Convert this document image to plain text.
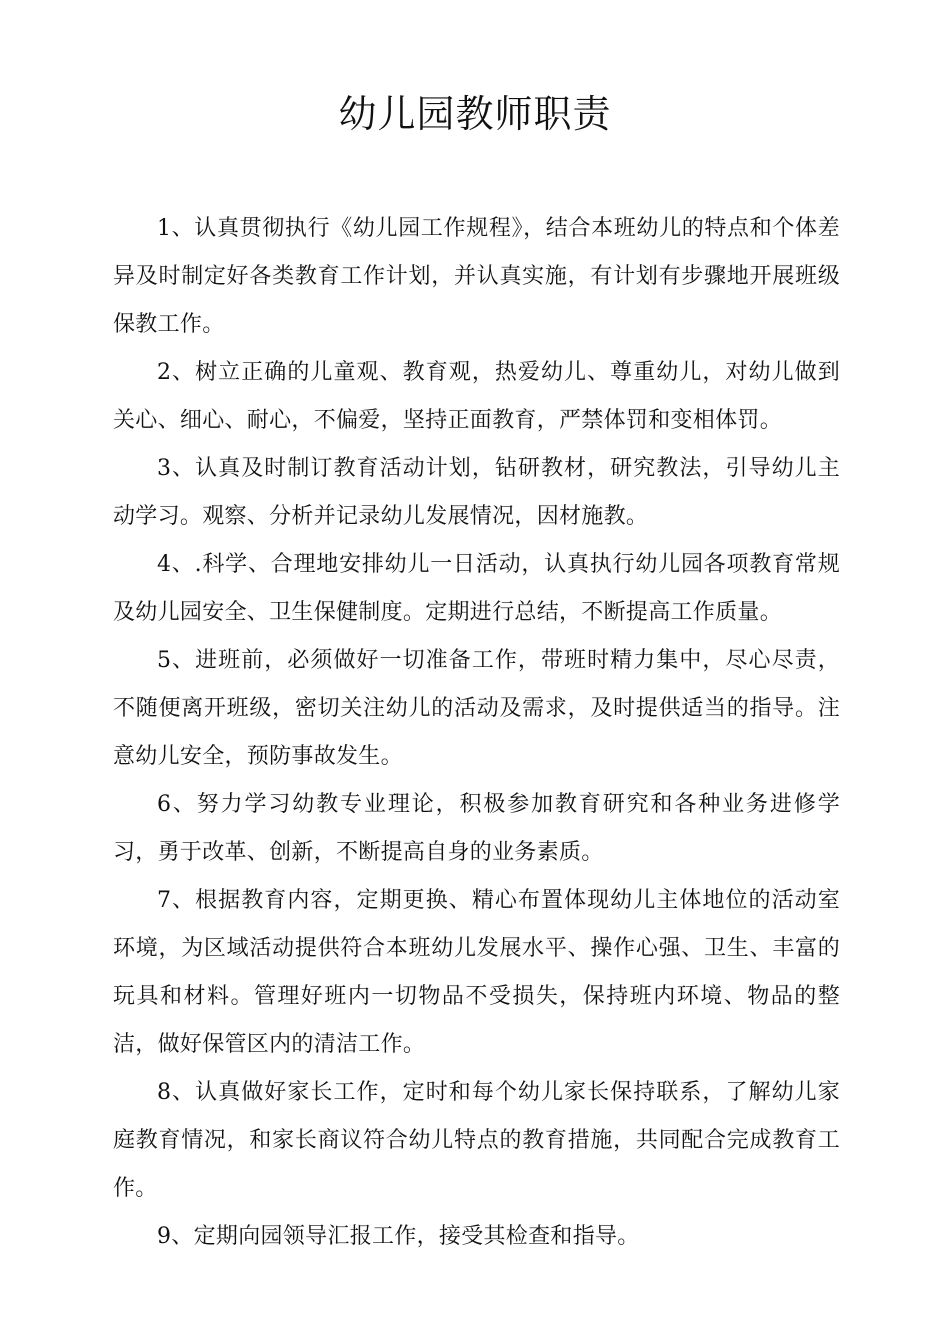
幼儿园教师职责

1、认真贯彻执行《幼儿园工作规程》，结合本班幼儿的特点和个体差异及时制定好各类教育工作计划，并认真实施，有计划有步骤地开展班级保教工作。

2、树立正确的儿童观、教育观，热爱幼儿、尊重幼儿，对幼儿做到关心、细心、耐心，不偏爱，坚持正面教育，严禁体罚和变相体罚。

3、认真及时制订教育活动计划，钻研教材，研究教法，引导幼儿主动学习。观察、分析并记录幼儿发展情况，因材施教。

4、.科学、合理地安排幼儿一日活动，认真执行幼儿园各项教育常规及幼儿园安全、卫生保健制度。定期进行总结，不断提高工作质量。

5、进班前，必须做好一切准备工作，带班时精力集中，尽心尽责，不随便离开班级，密切关注幼儿的活动及需求，及时提供适当的指导。注意幼儿安全，预防事故发生。

6、努力学习幼教专业理论，积极参加教育研究和各种业务进修学习，勇于改革、创新，不断提高自身的业务素质。

7、根据教育内容，定期更换、精心布置体现幼儿主体地位的活动室环境，为区域活动提供符合本班幼儿发展水平、操作心强、卫生、丰富的玩具和材料。管理好班内一切物品不受损失，保持班内环境、物品的整洁，做好保管区内的清洁工作。

8、认真做好家长工作，定时和每个幼儿家长保持联系，了解幼儿家庭教育情况，和家长商议符合幼儿特点的教育措施，共同配合完成教育工作。

9、定期向园领导汇报工作，接受其检查和指导。
